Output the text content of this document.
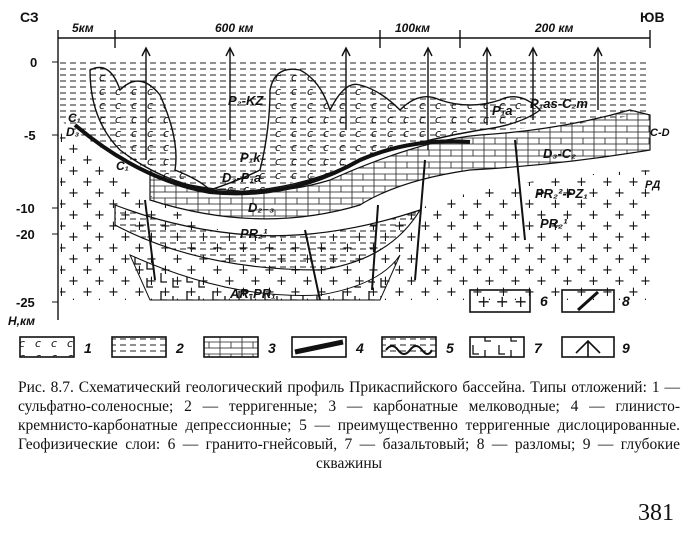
СЗ	ЮВ
5км	600 км	100км	200 км
0
-5
-10
-20
-25
Н,км
P₂-KZ
P₁k
D₃-P₁a
P₁a P₁as-C₂m
D₂₋₃
PR₂¹
AR-PR₁
D₃-C₂
PR₂²-PZ₁
PR₂¹
C₁
C₁
D₃	C-D
PД
+ + + 6	8
1	2	3	4	5	7	9
Рис. 8.7. Схематический геологический профиль Прикаспийского бассейна. Типы отложений: 1 — сульфатно-соленосные; 2 — терригенные; 3 — карбонатные мелководные; 4 — глинисто-кремнисто-карбонатные депрессионные; 5 — преимущественно терригенные дислоцированные. Геофизические слои: 6 — гранито-гнейсовый, 7 — базальтовый; 8 — разломы; 9 — глубокие скважины
381
